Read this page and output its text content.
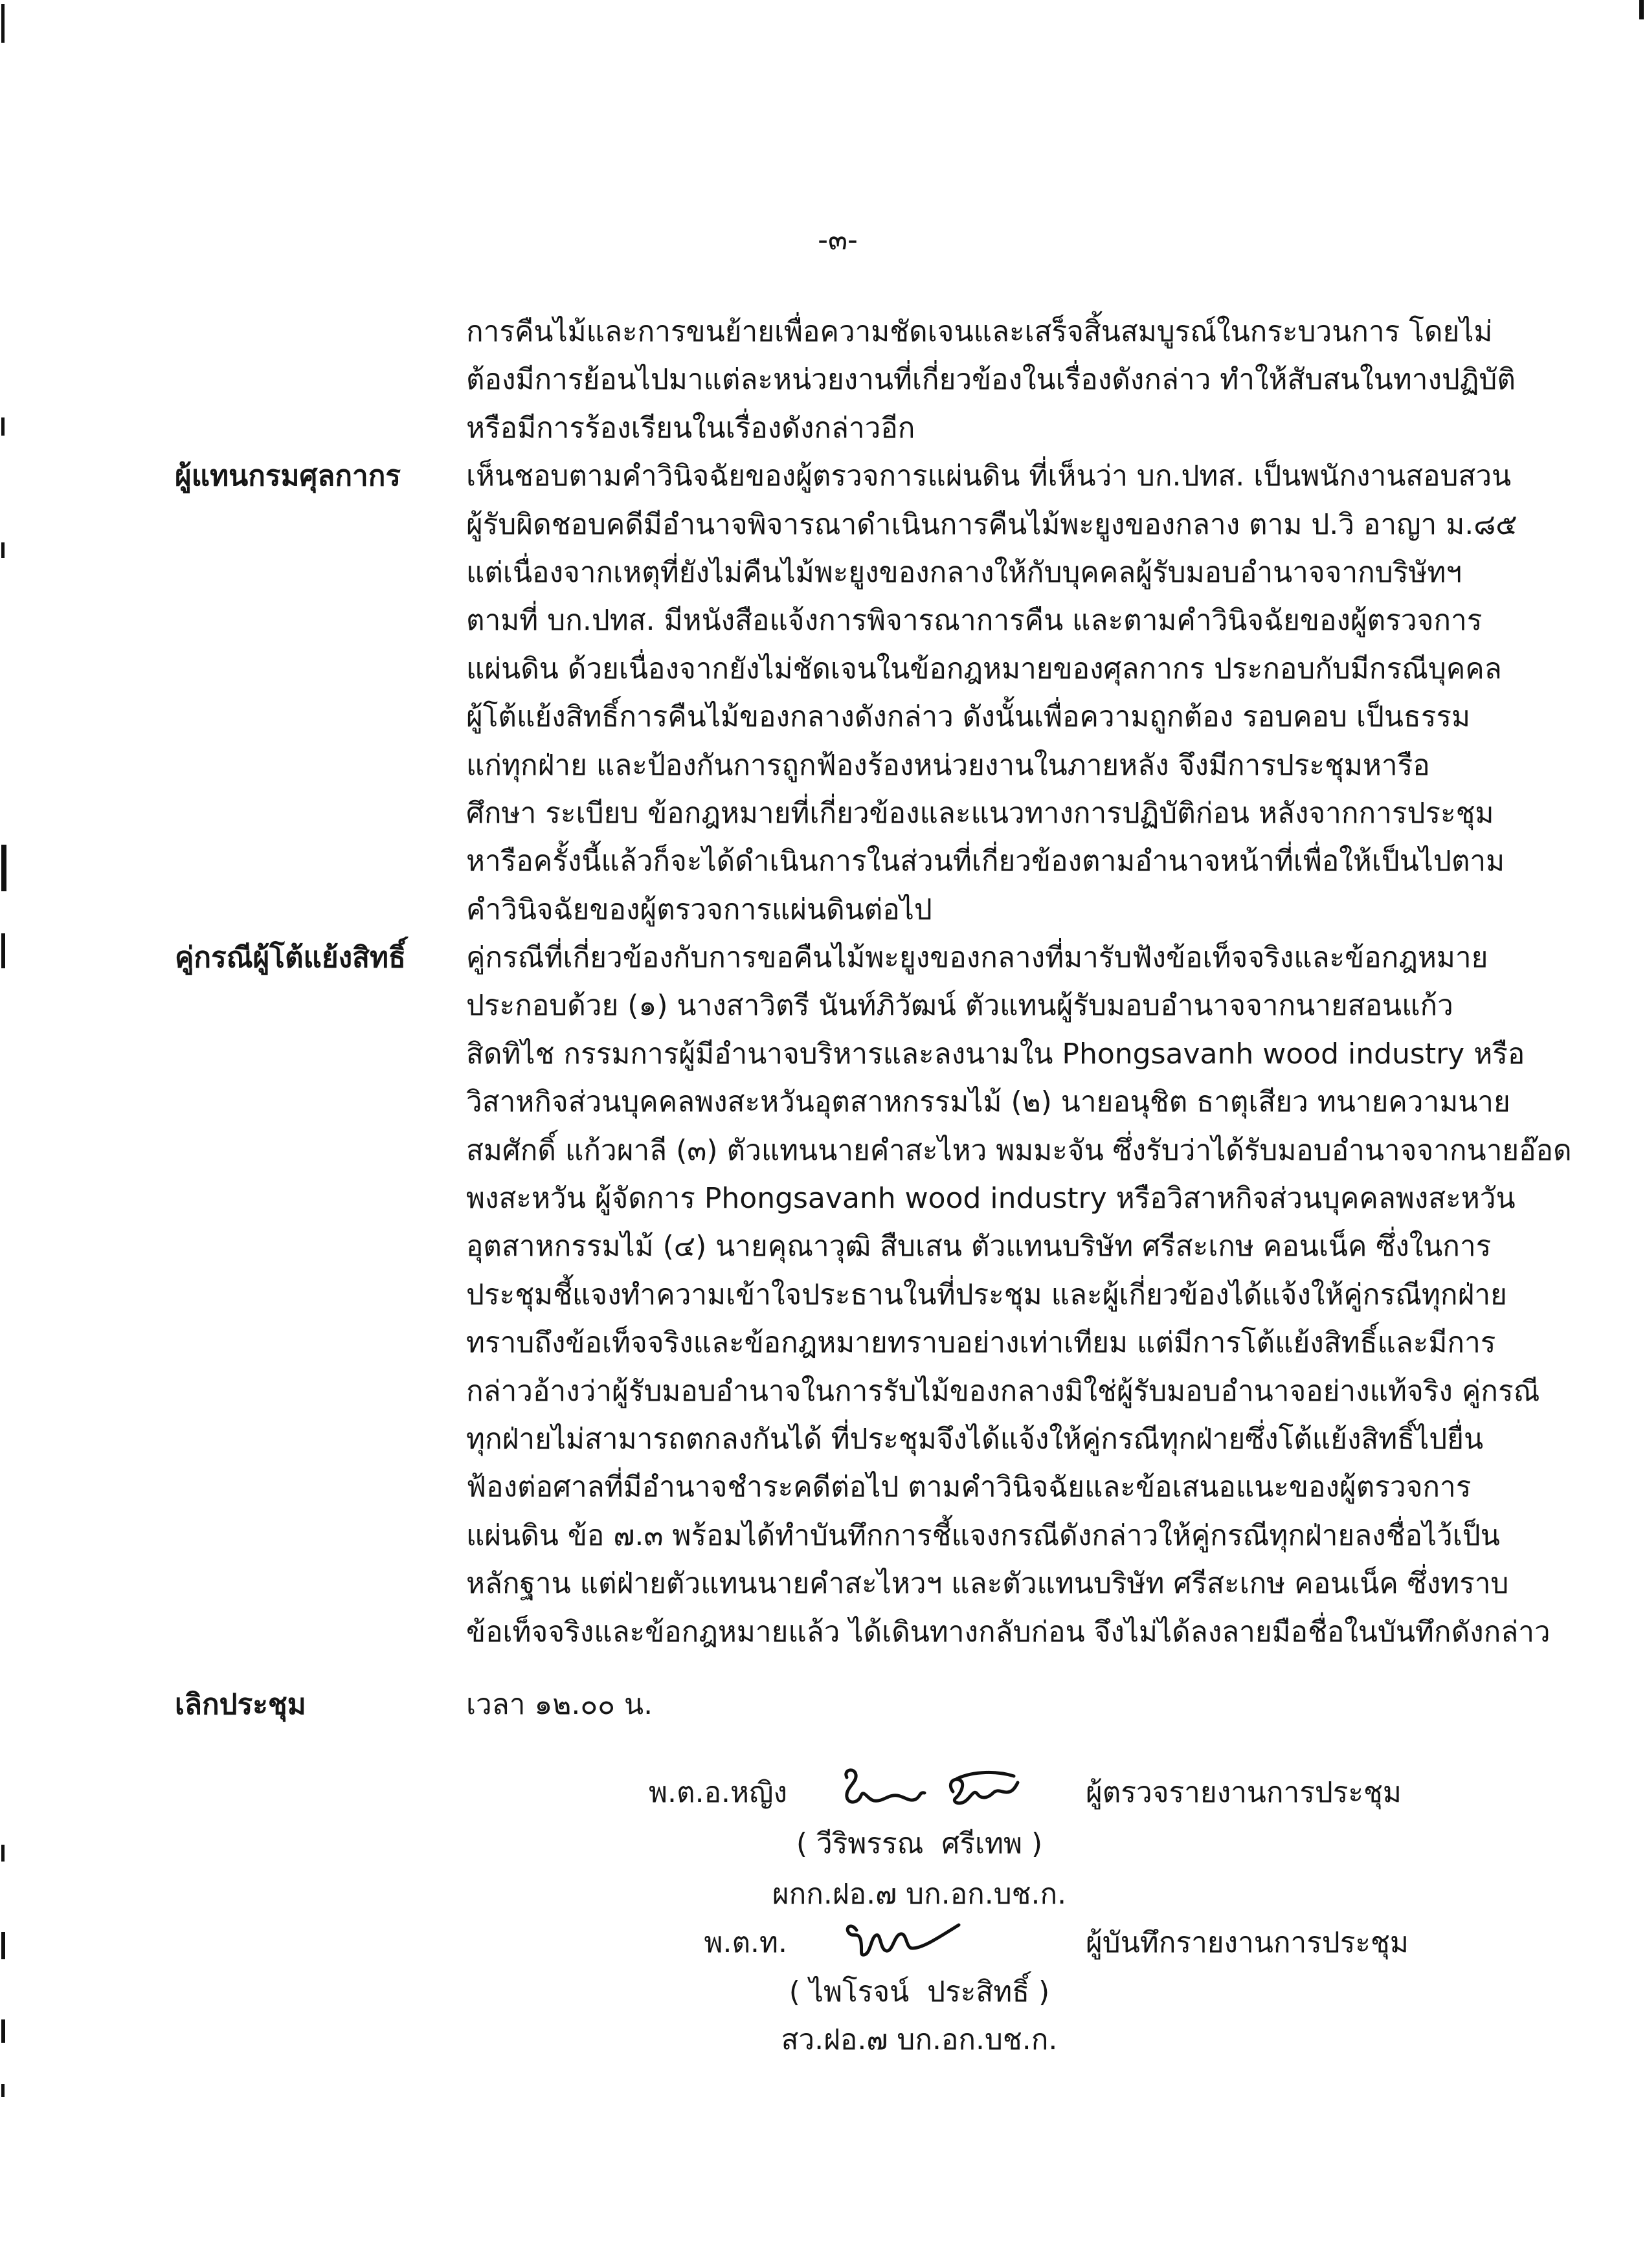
-๓-
การคืนไม้และการขนย้ายเพื่อความชัดเจนและเสร็จสิ้นสมบูรณ์ในกระบวนการ โดยไม่
ต้องมีการย้อนไปมาแต่ละหน่วยงานที่เกี่ยวข้องในเรื่องดังกล่าว ทำให้สับสนในทางปฏิบัติ
หรือมีการร้องเรียนในเรื่องดังกล่าวอีก
ผู้แทนกรมศุลกากร	เห็นชอบตามคำวินิจฉัยของผู้ตรวจการแผ่นดิน ที่เห็นว่า บก.ปทส. เป็นพนักงานสอบสวน
ผู้รับผิดชอบคดีมีอำนาจพิจารณาดำเนินการคืนไม้พะยูงของกลาง ตาม ป.วิ อาญา ม.๘๕
แต่เนื่องจากเหตุที่ยังไม่คืนไม้พะยูงของกลางให้กับบุคคลผู้รับมอบอำนาจจากบริษัทฯ
ตามที่ บก.ปทส. มีหนังสือแจ้งการพิจารณาการคืน และตามคำวินิจฉัยของผู้ตรวจการ
แผ่นดิน ด้วยเนื่องจากยังไม่ชัดเจนในข้อกฎหมายของศุลกากร ประกอบกับมีกรณีบุคคล
ผู้โต้แย้งสิทธิ์การคืนไม้ของกลางดังกล่าว ดังนั้นเพื่อความถูกต้อง รอบคอบ เป็นธรรม
แก่ทุกฝ่าย และป้องกันการถูกฟ้องร้องหน่วยงานในภายหลัง จึงมีการประชุมหารือ
ศึกษา ระเบียบ ข้อกฎหมายที่เกี่ยวข้องและแนวทางการปฏิบัติก่อน หลังจากการประชุม
หารือครั้งนี้แล้วก็จะได้ดำเนินการในส่วนที่เกี่ยวข้องตามอำนาจหน้าที่เพื่อให้เป็นไปตาม
คำวินิจฉัยของผู้ตรวจการแผ่นดินต่อไป
คู่กรณีผู้โต้แย้งสิทธิ์	คู่กรณีที่เกี่ยวข้องกับการขอคืนไม้พะยูงของกลางที่มารับฟังข้อเท็จจริงและข้อกฎหมาย
ประกอบด้วย (๑) นางสาวิตรี นันท์ภิวัฒน์ ตัวแทนผู้รับมอบอำนาจจากนายสอนแก้ว
สิดทิไช กรรมการผู้มีอำนาจบริหารและลงนามใน Phongsavanh wood industry หรือ
วิสาหกิจส่วนบุคคลพงสะหวันอุตสาหกรรมไม้ (๒) นายอนุชิต ธาตุเสียว ทนายความนาย
สมศักดิ์ แก้วผาลี (๓) ตัวแทนนายคำสะไหว พมมะจัน ซึ่งรับว่าได้รับมอบอำนาจจากนายอ๊อด
พงสะหวัน ผู้จัดการ Phongsavanh wood industry หรือวิสาหกิจส่วนบุคคลพงสะหวัน
อุตสาหกรรมไม้ (๔) นายคุณาวุฒิ สืบเสน ตัวแทนบริษัท ศรีสะเกษ คอนเน็ค ซึ่งในการ
ประชุมชี้แจงทำความเข้าใจประธานในที่ประชุม และผู้เกี่ยวข้องได้แจ้งให้คู่กรณีทุกฝ่าย
ทราบถึงข้อเท็จจริงและข้อกฎหมายทราบอย่างเท่าเทียม แต่มีการโต้แย้งสิทธิ์และมีการ
กล่าวอ้างว่าผู้รับมอบอำนาจในการรับไม้ของกลางมิใช่ผู้รับมอบอำนาจอย่างแท้จริง คู่กรณี
ทุกฝ่ายไม่สามารถตกลงกันได้ ที่ประชุมจึงได้แจ้งให้คู่กรณีทุกฝ่ายซึ่งโต้แย้งสิทธิ์ไปยื่น
ฟ้องต่อศาลที่มีอำนาจชำระคดีต่อไป ตามคำวินิจฉัยและข้อเสนอแนะของผู้ตรวจการ
แผ่นดิน ข้อ ๗.๓ พร้อมได้ทำบันทึกการชี้แจงกรณีดังกล่าวให้คู่กรณีทุกฝ่ายลงชื่อไว้เป็น
หลักฐาน แต่ฝ่ายตัวแทนนายคำสะไหวฯ และตัวแทนบริษัท ศรีสะเกษ คอนเน็ค ซึ่งทราบ
ข้อเท็จจริงและข้อกฎหมายแล้ว ได้เดินทางกลับก่อน จึงไม่ได้ลงลายมือชื่อในบันทึกดังกล่าว
เลิกประชุม	เวลา ๑๒.๐๐ น.
พ.ต.อ.หญิง	ผู้ตรวจรายงานการประชุม
( วีริพรรณ  ศรีเทพ )
ผกก.ฝอ.๗ บก.อก.บช.ก.
พ.ต.ท.	ผู้บันทึกรายงานการประชุม
( ไพโรจน์  ประสิทธิ์ )
สว.ฝอ.๗ บก.อก.บช.ก.
